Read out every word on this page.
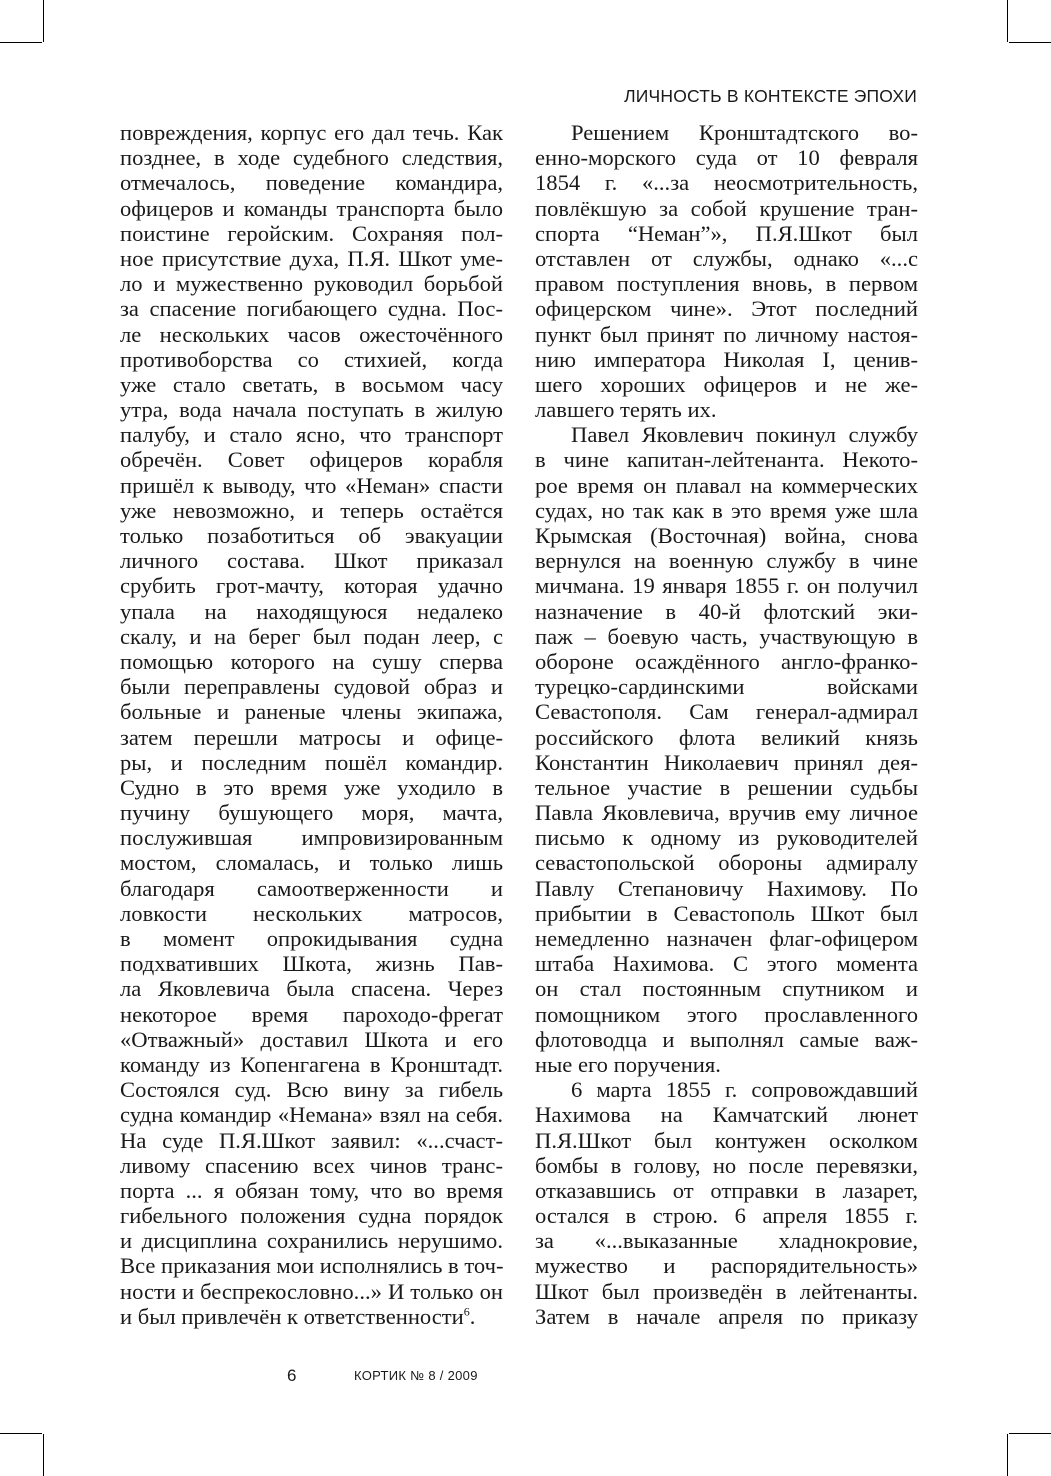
ЛИЧНОСТЬ В КОНТЕКСТЕ ЭПОХИ
повреждения, корпус его дал течь. Как
позднее, в ходе судебного следствия,
отмечалось, поведение командира,
офицеров и команды транспорта было
поистине геройским. Сохраняя пол-
ное присутствие духа, П.Я. Шкот уме-
ло и мужественно руководил борьбой
за спасение погибающего судна. Пос-
ле нескольких часов ожесточённого
противоборства со стихией, когда
уже стало светать, в восьмом часу
утра, вода начала поступать в жилую
палубу, и стало ясно, что транспорт
обречён. Совет офицеров корабля
пришёл к выводу, что «Неман» спасти
уже невозможно, и теперь остаётся
только позаботиться об эвакуации
личного состава. Шкот приказал
срубить грот-мачту, которая удачно
упала на находящуюся недалеко
скалу, и на берег был подан леер, с
помощью которого на сушу сперва
были переправлены судовой образ и
больные и раненые члены экипажа,
затем перешли матросы и офице-
ры, и последним пошёл командир.
Судно в это время уже уходило в
пучину бушующего моря, мачта,
послужившая импровизированным
мостом, сломалась, и только лишь
благодаря самоотверженности и
ловкости нескольких матросов,
в момент опрокидывания судна
подхвативших Шкота, жизнь Пав-
ла Яковлевича была спасена. Через
некоторое время пароходо-фрегат
«Отважный» доставил Шкота и его
команду из Копенгагена в Кронштадт.
Состоялся суд. Всю вину за гибель
судна командир «Немана» взял на себя.
На суде П.Я.Шкот заявил: «...счаст-
ливому спасению всех чинов транс-
порта ... я обязан тому, что во время
гибельного положения судна порядок
и дисциплина сохранились нерушимо.
Все приказания мои исполнялись в точ-
ности и беспрекословно...» И только он
и был привлечён к ответственности$^6$.
Решением Кронштадтского во-
енно-морского суда от 10 февраля
1854 г. «...за неосмотрительность,
повлёкшую за собой крушение тран-
спорта “Неман”», П.Я.Шкот был
отставлен от службы, однако «...с
правом поступления вновь, в первом
офицерском чине». Этот последний
пункт был принят по личному настоя-
нию императора Николая I, ценив-
шего хороших офицеров и не же-
лавшего терять их.
Павел Яковлевич покинул службу
в чине капитан-лейтенанта. Некото-
рое время он плавал на коммерческих
судах, но так как в это время уже шла
Крымская (Восточная) война, снова
вернулся на военную службу в чине
мичмана. 19 января 1855 г. он получил
назначение в 40-й флотский эки-
паж – боевую часть, участвующую в
обороне осаждённого англо-франко-
турецко-сардинскими войсками
Севастополя. Сам генерал-адмирал
российского флота великий князь
Константин Николаевич принял дея-
тельное участие в решении судьбы
Павла Яковлевича, вручив ему личное
письмо к одному из руководителей
севастопольской обороны адмиралу
Павлу Степановичу Нахимову. По
прибытии в Севастополь Шкот был
немедленно назначен флаг-офицером
штаба Нахимова. С этого момента
он стал постоянным спутником и
помощником этого прославленного
флотоводца и выполнял самые важ-
ные его поручения.
6 марта 1855 г. сопровождавший
Нахимова на Камчатский люнет
П.Я.Шкот был контужен осколком
бомбы в голову, но после перевязки,
отказавшись от отправки в лазарет,
остался в строю. 6 апреля 1855 г.
за «...выказанные хладнокровие,
мужество и распорядительность»
Шкот был произведён в лейтенанты.
Затем в начале апреля по приказу
6	КОРТИК № 8 / 2009
